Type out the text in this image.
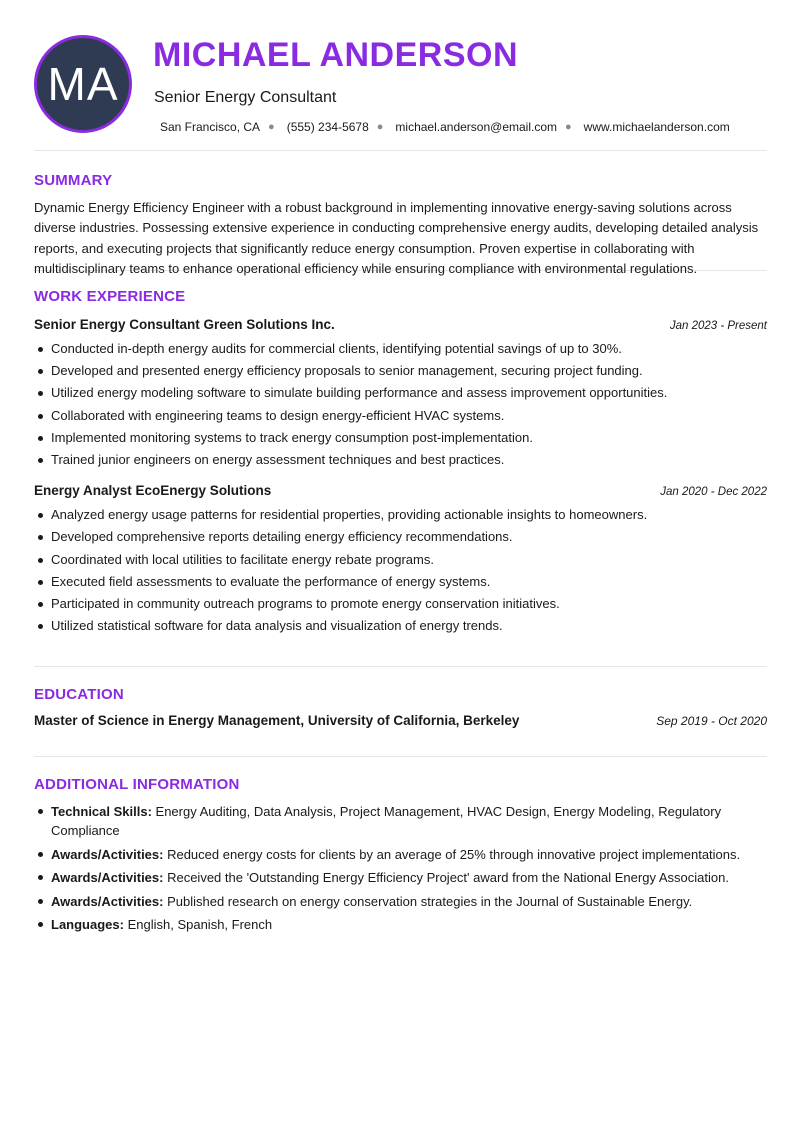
MA
MICHAEL ANDERSON

Senior Energy Consultant

San Francisco, CA ● (555) 234-5678 ● michael.anderson@email.com ● www.michaelanderson.com
SUMMARY

Dynamic Energy Efficiency Engineer with a robust background in implementing innovative energy-saving solutions across diverse industries. Possessing extensive experience in conducting comprehensive energy audits, developing detailed analysis reports, and executing projects that significantly reduce energy consumption. Proven expertise in collaborating with multidisciplinary teams to enhance operational efficiency while ensuring compliance with environmental regulations.

WORK EXPERIENCE
Senior Energy Consultant Green Solutions Inc.	Jan 2023 - Present
Conducted in-depth energy audits for commercial clients, identifying potential savings of up to 30%.
Developed and presented energy efficiency proposals to senior management, securing project funding.
Utilized energy modeling software to simulate building performance and assess improvement opportunities.
Collaborated with engineering teams to design energy-efficient HVAC systems.
Implemented monitoring systems to track energy consumption post-implementation.
Trained junior engineers on energy assessment techniques and best practices.
Energy Analyst EcoEnergy Solutions	Jan 2020 - Dec 2022
Analyzed energy usage patterns for residential properties, providing actionable insights to homeowners.
Developed comprehensive reports detailing energy efficiency recommendations.
Coordinated with local utilities to facilitate energy rebate programs.
Executed field assessments to evaluate the performance of energy systems.
Participated in community outreach programs to promote energy conservation initiatives.
Utilized statistical software for data analysis and visualization of energy trends.
EDUCATION
Master of Science in Energy Management, University of California, Berkeley	Sep 2019 - Oct 2020
ADDITIONAL INFORMATION
Technical Skills: Energy Auditing, Data Analysis, Project Management, HVAC Design, Energy Modeling, Regulatory Compliance
Awards/Activities: Reduced energy costs for clients by an average of 25% through innovative project implementations.
Awards/Activities: Received the 'Outstanding Energy Efficiency Project' award from the National Energy Association.
Awards/Activities: Published research on energy conservation strategies in the Journal of Sustainable Energy.
Languages: English, Spanish, French
